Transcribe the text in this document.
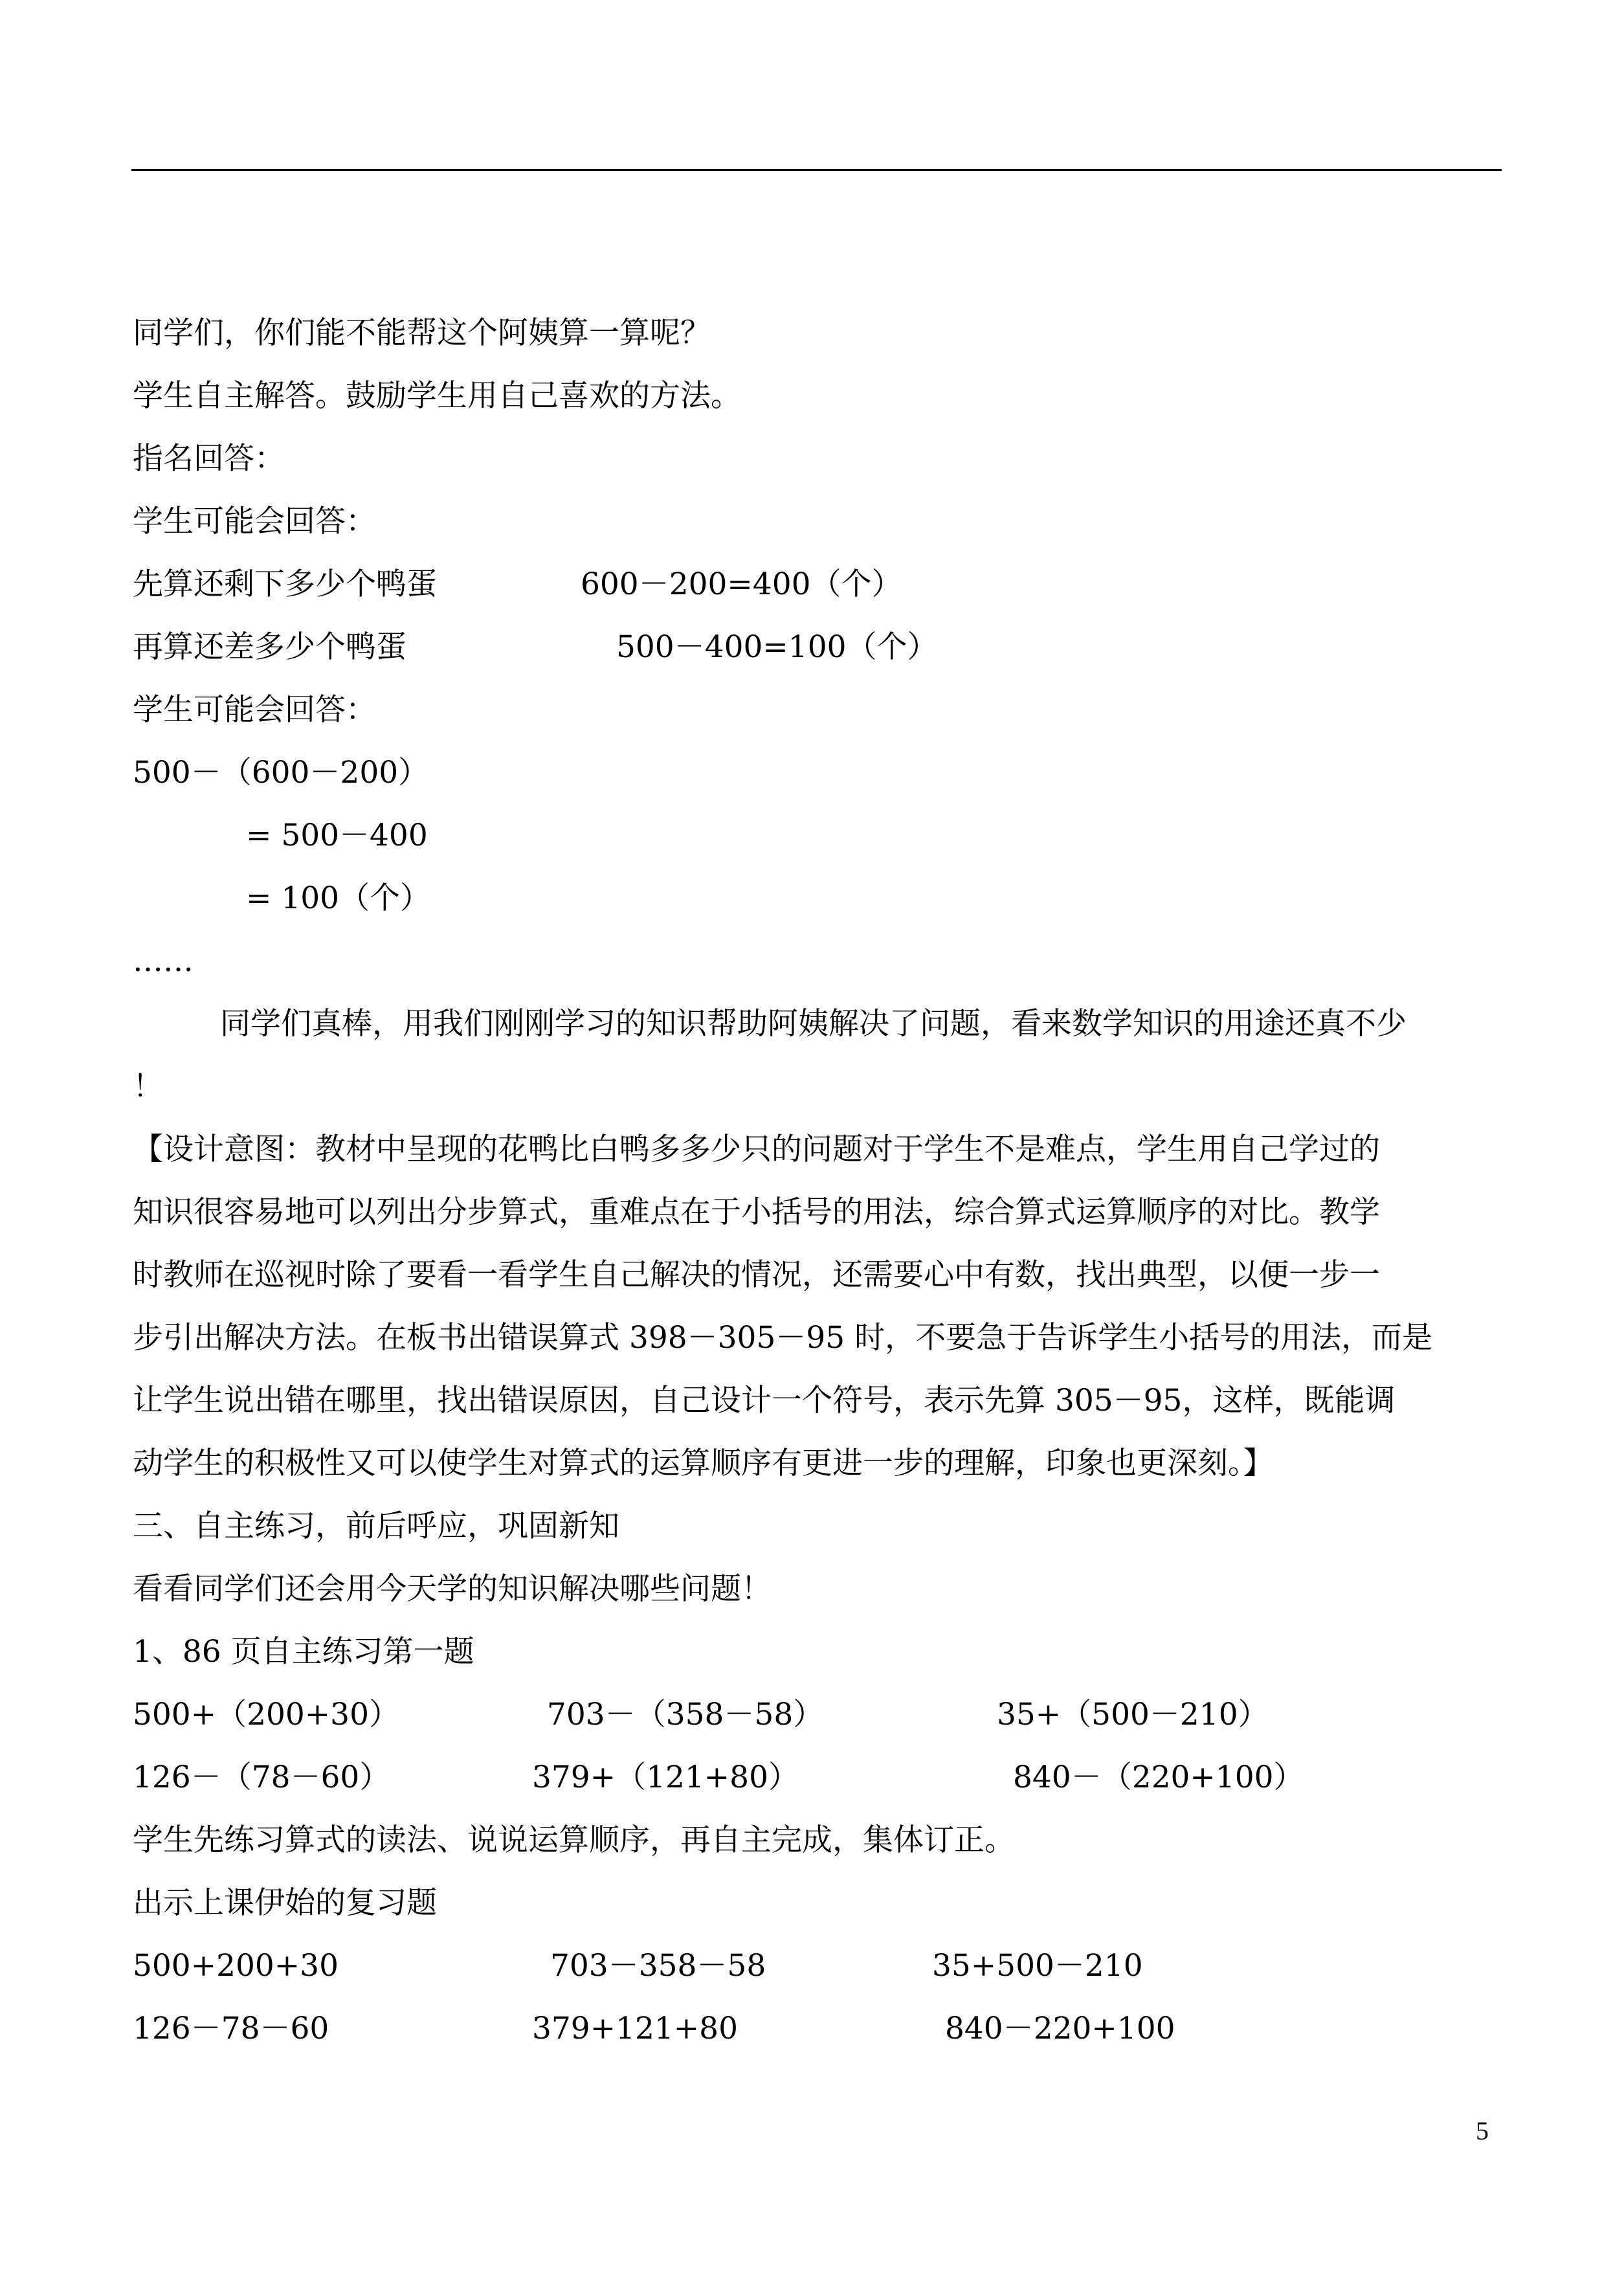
同学们，你们能不能帮这个阿姨算一算呢？
学生自主解答。鼓励学生用自己喜欢的方法。
指名回答：
学生可能会回答：
先算还剩下多少个鸭蛋	600－200=400（个）
再算还差多少个鸭蛋	500－400=100（个）
学生可能会回答：
500－（600－200）
= 500－400
= 100（个）
……
同学们真棒，用我们刚刚学习的知识帮助阿姨解决了问题，看来数学知识的用途还真不少
！
【设计意图：教材中呈现的花鸭比白鸭多多少只的问题对于学生不是难点，学生用自己学过的
知识很容易地可以列出分步算式，重难点在于小括号的用法，综合算式运算顺序的对比。教学
时教师在巡视时除了要看一看学生自己解决的情况，还需要心中有数，找出典型，以便一步一
步引出解决方法。在板书出错误算式 398－305－95 时，不要急于告诉学生小括号的用法，而是
让学生说出错在哪里，找出错误原因，自己设计一个符号，表示先算 305－95，这样，既能调
动学生的积极性又可以使学生对算式的运算顺序有更进一步的理解，印象也更深刻。】
三、自主练习，前后呼应，巩固新知
看看同学们还会用今天学的知识解决哪些问题！
1、86 页自主练习第一题
500+（200+30）	703－（358－58）	35+（500－210）
126－（78－60）	379+（121+80）	840－（220+100）
学生先练习算式的读法、说说运算顺序，再自主完成，集体订正。
出示上课伊始的复习题
500+200+30	703－358－58	35+500－210
126－78－60	379+121+80	840－220+100
5
